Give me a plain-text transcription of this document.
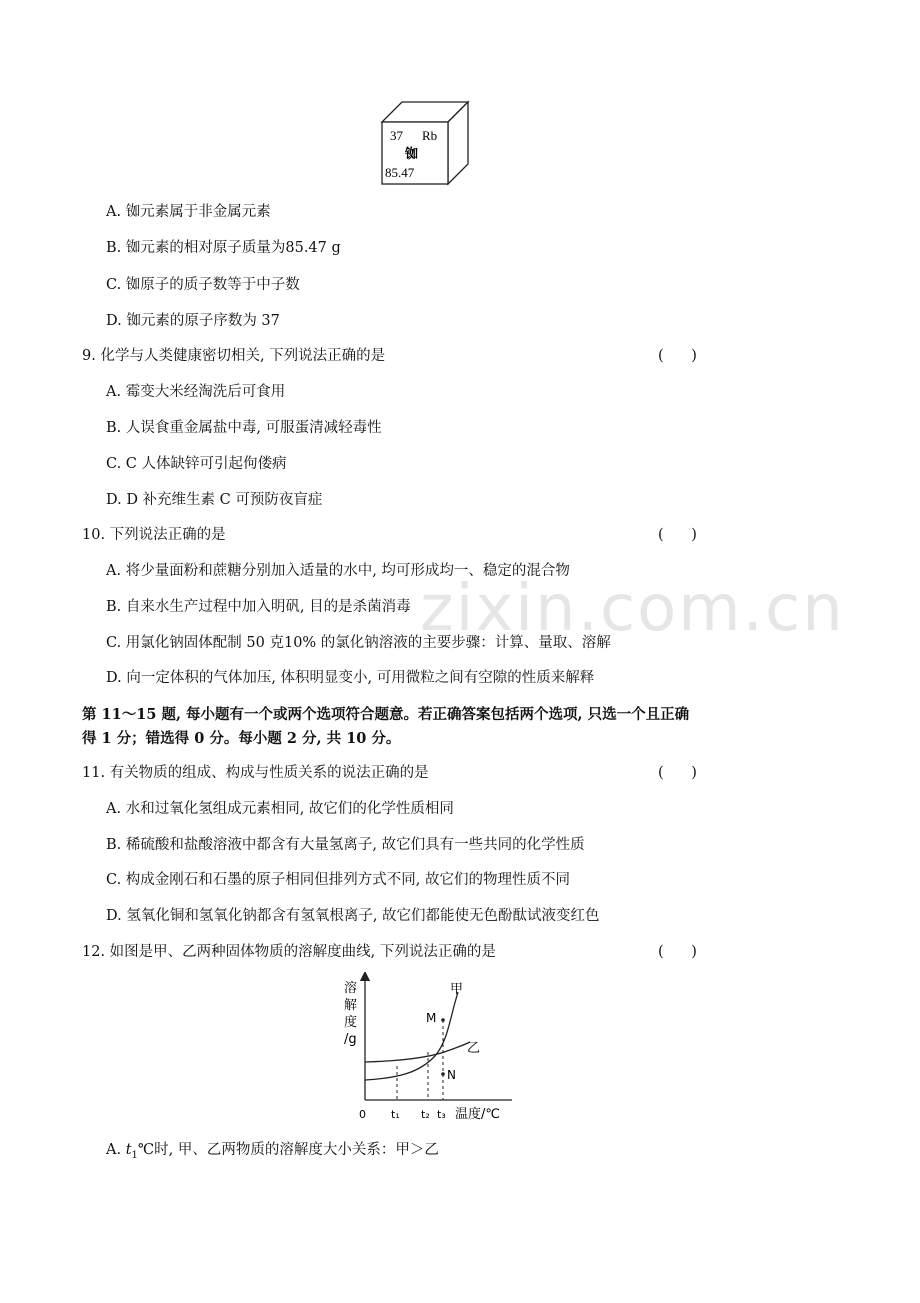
37 Rb
铷
85.47
A. 铷元素属于非金属元素
B. 铷元素的相对原子质量为85.47 g
C. 铷原子的质子数等于中子数
D. 铷元素的原子序数为 37
9. 化学与人类健康密切相关, 下列说法正确的是	(      )
A. 霉变大米经淘洗后可食用
B. 人误食重金属盐中毒, 可服蛋清减轻毒性
C. C 人体缺锌可引起佝偻病
D. D 补充维生素 C 可预防夜盲症
10. 下列说法正确的是	(      )
A. 将少量面粉和蔗糖分别加入适量的水中, 均可形成均一、稳定的混合物
B. 自来水生产过程中加入明矾, 目的是杀菌消毒
C. 用氯化钠固体配制 50 克10% 的氯化钠溶液的主要步骤：计算、量取、溶解
D. 向一定体积的气体加压, 体积明显变小, 可用微粒之间有空隙的性质来解释
zixin.com.cn
第 11～15 题, 每小题有一个或两个选项符合题意。若正确答案包括两个选项, 只选一个且正确
得 1 分；错选得 0 分。每小题 2 分, 共 10 分。
11. 有关物质的组成、构成与性质关系的说法正确的是	(      )
A. 水和过氧化氢组成元素相同, 故它们的化学性质相同
B. 稀硫酸和盐酸溶液中都含有大量氢离子, 故它们具有一些共同的化学性质
C. 构成金刚石和石墨的原子相同但排列方式不同, 故它们的物理性质不同
D. 氢氧化铜和氢氧化钠都含有氢氧根离子, 故它们都能使无色酚酞试液变红色
12. 如图是甲、乙两种固体物质的溶解度曲线, 下列说法正确的是	(      )
溶
解
度
/g
甲
乙
M
N
0 t₁ t₂ t₃ 温度/℃
A. $t_1℃$时, 甲、乙两物质的溶解度大小关系：甲＞乙
